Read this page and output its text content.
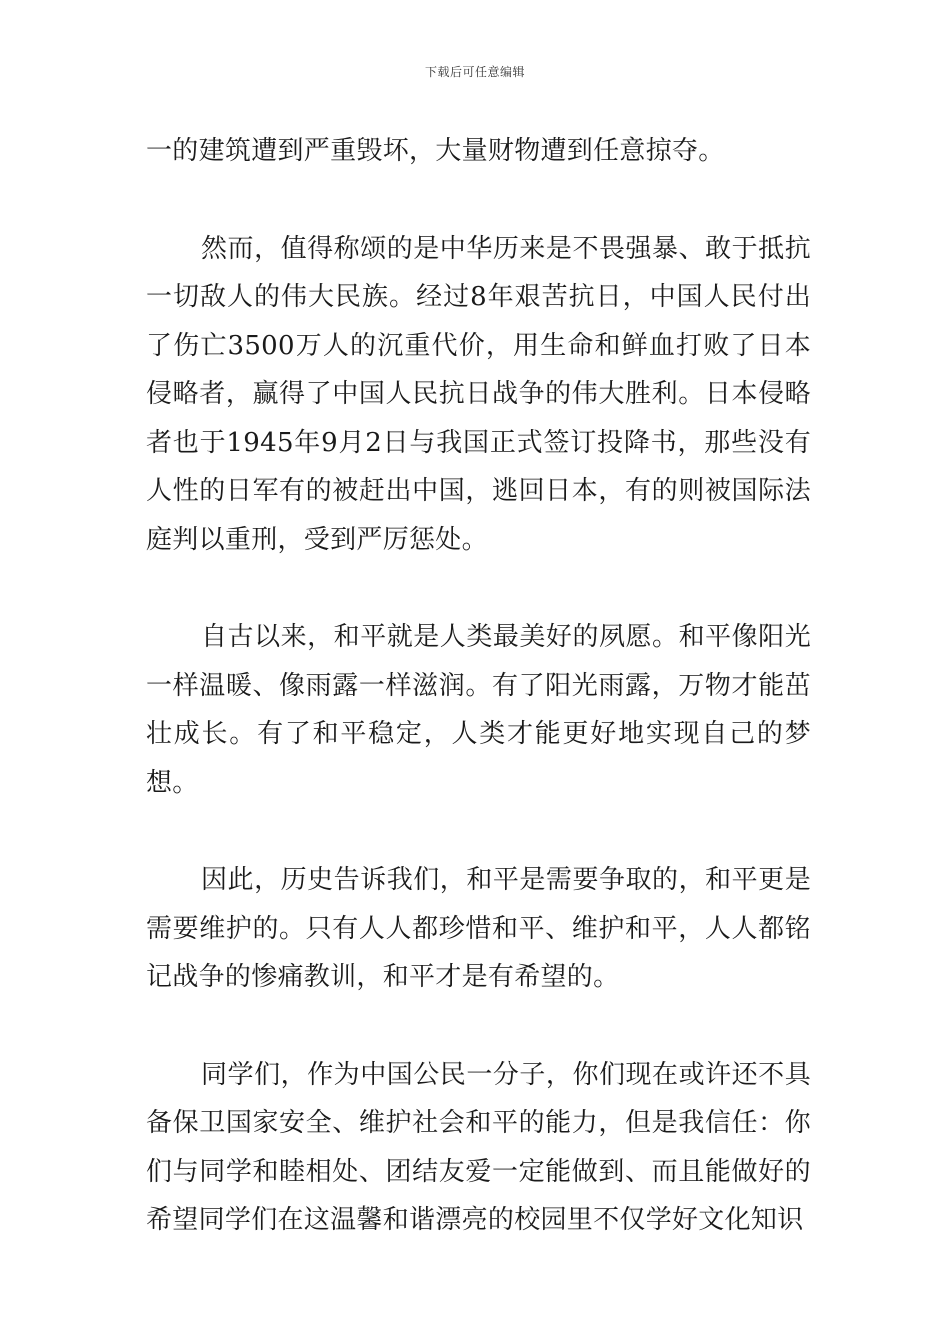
下载后可任意编辑

一的建筑遭到严重毁坏，大量财物遭到任意掠夺。

然而，值得称颂的是中华历来是不畏强暴、敢于抵抗一切敌人的伟大民族。经过8年艰苦抗日，中国人民付出了伤亡3500万人的沉重代价，用生命和鲜血打败了日本侵略者，赢得了中国人民抗日战争的伟大胜利。日本侵略者也于1945年9月2日与我国正式签订投降书，那些没有人性的日军有的被赶出中国，逃回日本，有的则被国际法庭判以重刑，受到严厉惩处。

自古以来，和平就是人类最美好的夙愿。和平像阳光一样温暖、像雨露一样滋润。有了阳光雨露，万物才能茁壮成长。有了和平稳定，人类才能更好地实现自己的梦想。

因此，历史告诉我们，和平是需要争取的，和平更是需要维护的。只有人人都珍惜和平、维护和平，人人都铭记战争的惨痛教训，和平才是有希望的。

同学们，作为中国公民一分子，你们现在或许还不具备保卫国家安全、维护社会和平的能力，但是我信任：你们与同学和睦相处、团结友爱一定能做到、而且能做好的希望同学们在这温馨和谐漂亮的校园里不仅学好文化知识
